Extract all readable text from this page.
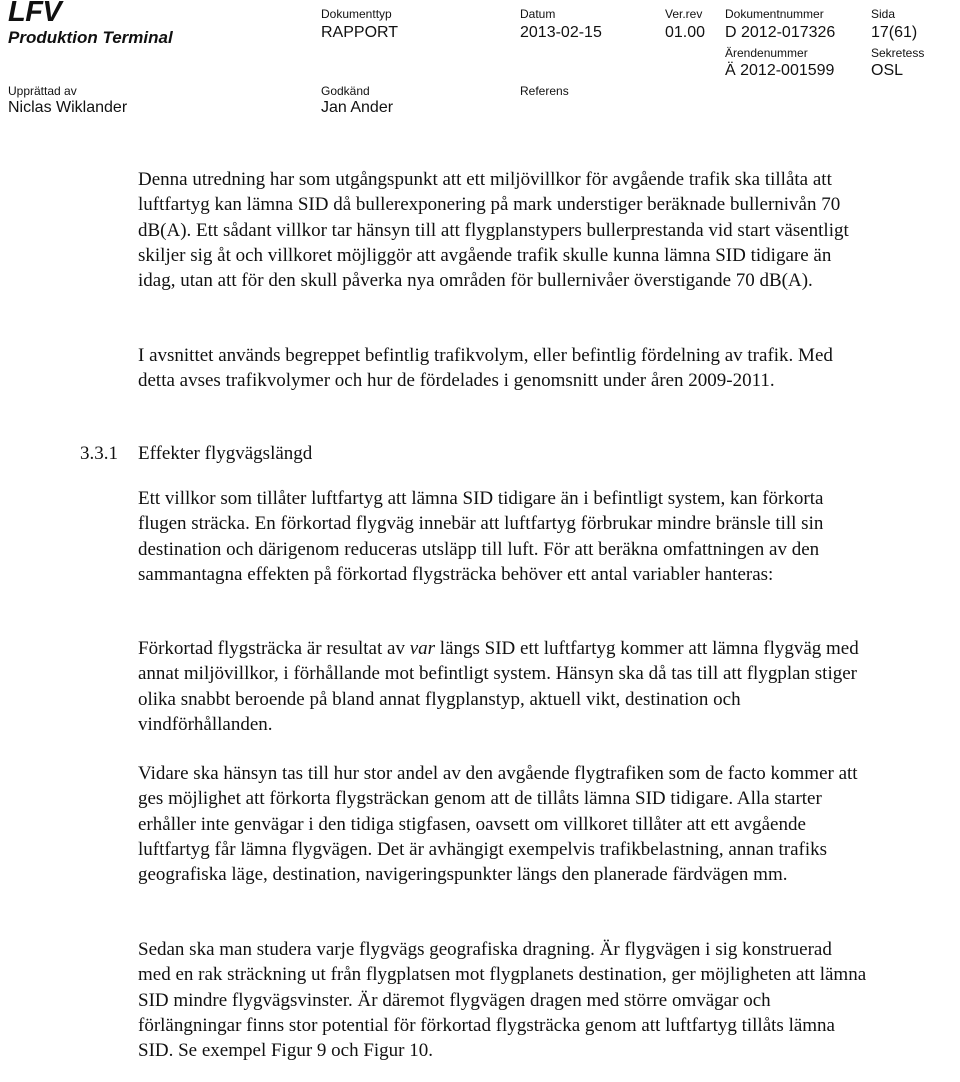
LFV
Produktion Terminal
Dokumenttyp
RAPPORT
Datum
2013-02-15
Ver.rev
01.00
Dokumentnummer
D 2012-017326
Sida
17(61)
Ärendenummer
Ä 2012-001599
Sekretess
OSL
Upprättad av
Niclas Wiklander
Godkänd
Jan Ander
Referens

Denna utredning har som utgångspunkt att ett miljövillkor för avgående trafik ska tillåta att luftfartyg kan lämna SID då bullerexponering på mark understiger beräknade bullernivån 70 dB(A). Ett sådant villkor tar hänsyn till att flygplanstypers bullerprestanda vid start väsentligt skiljer sig åt och villkoret möjliggör att avgående trafik skulle kunna lämna SID tidigare än idag, utan att för den skull påverka nya områden för bullernivåer överstigande 70 dB(A).

I avsnittet används begreppet befintlig trafikvolym, eller befintlig fördelning av trafik. Med detta avses trafikvolymer och hur de fördelades i genomsnitt under åren 2009-2011.

3.3.1 Effekter flygvägslängd

Ett villkor som tillåter luftfartyg att lämna SID tidigare än i befintligt system, kan förkorta flugen sträcka. En förkortad flygväg innebär att luftfartyg förbrukar mindre bränsle till sin destination och därigenom reduceras utsläpp till luft. För att beräkna omfattningen av den sammantagna effekten på förkortad flygsträcka behöver ett antal variabler hanteras:

Förkortad flygsträcka är resultat av var längs SID ett luftfartyg kommer att lämna flygväg med annat miljövillkor, i förhållande mot befintligt system. Hänsyn ska då tas till att flygplan stiger olika snabbt beroende på bland annat flygplanstyp, aktuell vikt, destination och vindförhållanden.

Vidare ska hänsyn tas till hur stor andel av den avgående flygtrafiken som de facto kommer att ges möjlighet att förkorta flygsträckan genom att de tillåts lämna SID tidigare. Alla starter erhåller inte genvägar i den tidiga stigfasen, oavsett om villkoret tillåter att ett avgående luftfartyg får lämna flygvägen. Det är avhängigt exempelvis trafikbelastning, annan trafiks geografiska läge, destination, navigeringspunkter längs den planerade färdvägen mm.

Sedan ska man studera varje flygvägs geografiska dragning. Är flygvägen i sig konstruerad med en rak sträckning ut från flygplatsen mot flygplanets destination, ger möjligheten att lämna SID mindre flygvägsvinster. Är däremot flygvägen dragen med större omvägar och förlängningar finns stor potential för förkortad flygsträcka genom att luftfartyg tillåts lämna SID. Se exempel Figur 9 och Figur 10.
